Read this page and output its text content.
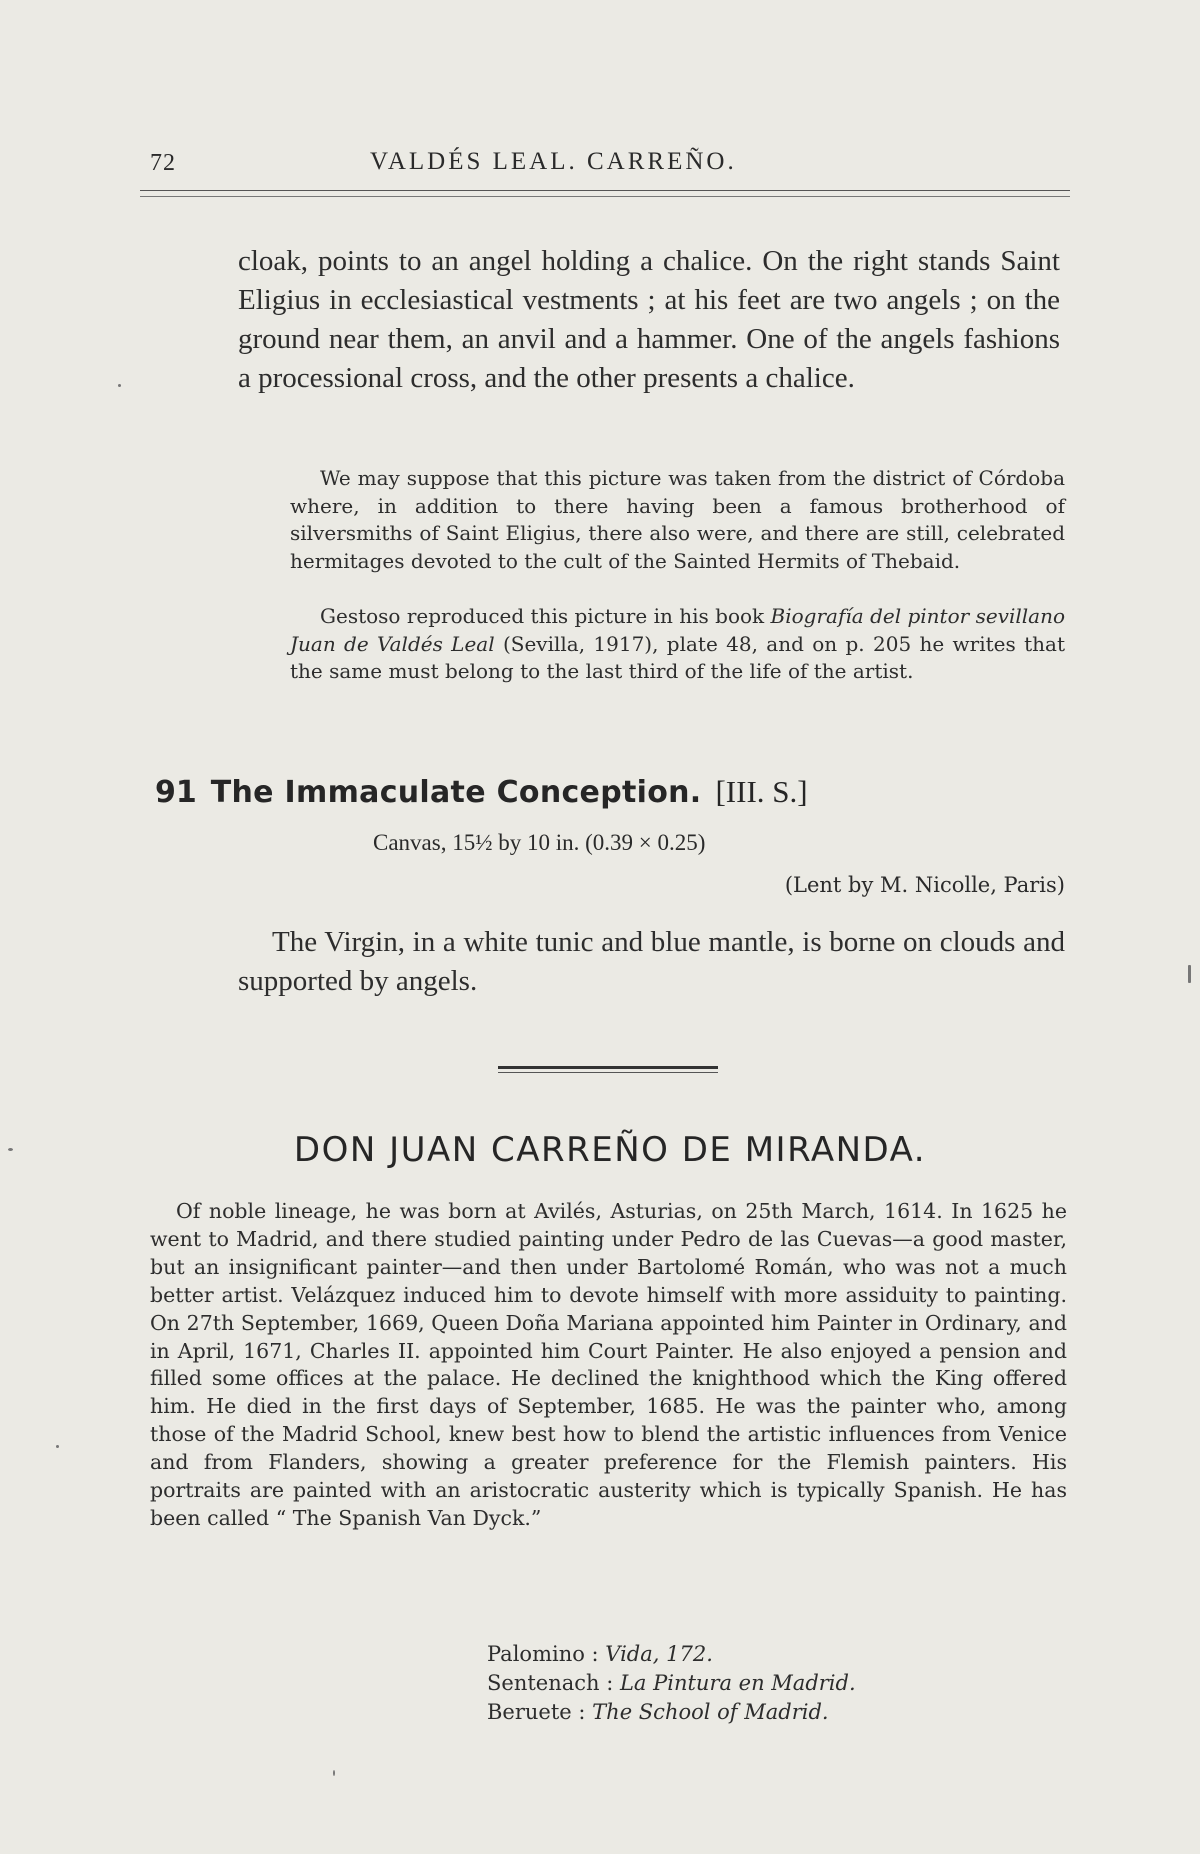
72	VALDÉS LEAL. CARREÑO.
cloak, points to an angel holding a chalice. On the right stands Saint Eligius in ecclesiastical vestments ; at his feet are two angels ; on the ground near them, an anvil and a hammer. One of the angels fashions a processional cross, and the other presents a chalice.
We may suppose that this picture was taken from the district of Córdoba where, in addition to there having been a famous brotherhood of silversmiths of Saint Eligius, there also were, and there are still, celebrated hermitages devoted to the cult of the Sainted Hermits of Thebaid.
Gestoso reproduced this picture in his book Biografía del pintor sevillano Juan de Valdés Leal (Sevilla, 1917), plate 48, and on p. 205 he writes that the same must belong to the last third of the life of the artist.
91 The Immaculate Conception. [III. S.]
Canvas, 15½ by 10 in. (0.39 × 0.25)
(Lent by M. Nicolle, Paris)
The Virgin, in a white tunic and blue mantle, is borne on clouds and supported by angels.
DON JUAN CARREÑO DE MIRANDA.
Of noble lineage, he was born at Avilés, Asturias, on 25th March, 1614. In 1625 he went to Madrid, and there studied painting under Pedro de las Cuevas—a good master, but an insignificant painter—and then under Bartolomé Román, who was not a much better artist. Velázquez induced him to devote himself with more assiduity to painting. On 27th September, 1669, Queen Doña Mariana appointed him Painter in Ordinary, and in April, 1671, Charles II. appointed him Court Painter. He also enjoyed a pension and filled some offices at the palace. He declined the knighthood which the King offered him. He died in the first days of September, 1685. He was the painter who, among those of the Madrid School, knew best how to blend the artistic influences from Venice and from Flanders, showing a greater preference for the Flemish painters. His portraits are painted with an aristocratic austerity which is typically Spanish. He has been called “ The Spanish Van Dyck.”
Palomino : Vida, 172.
Sentenach : La Pintura en Madrid.
Beruete : The School of Madrid.
